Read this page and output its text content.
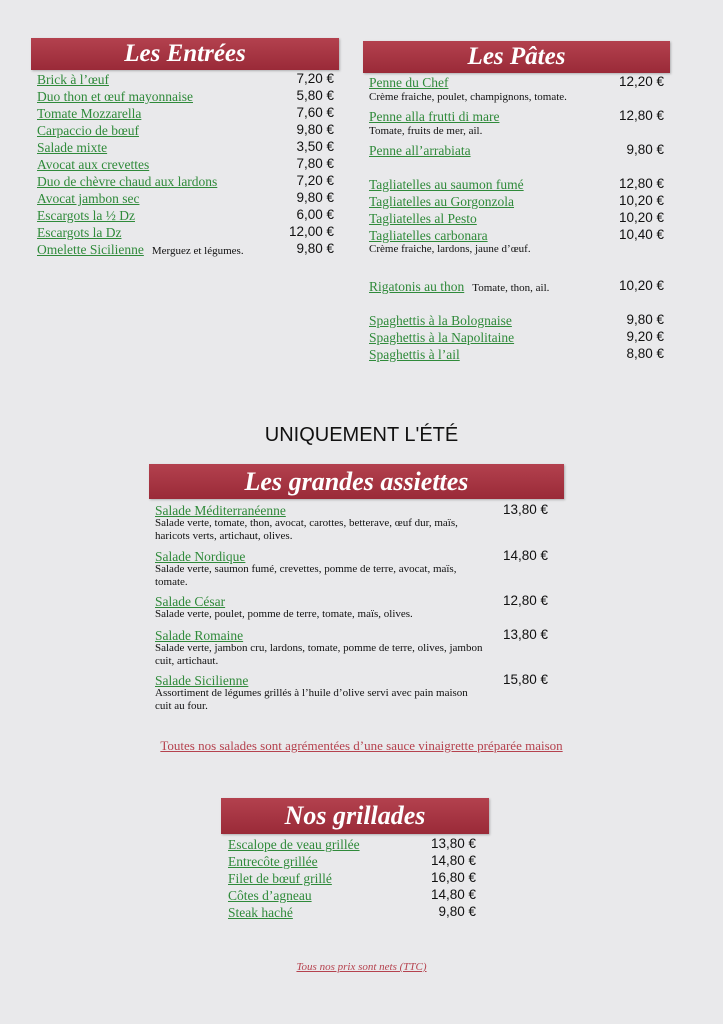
Les Entrées
Brick à l’œuf	7,20 €
Duo thon et œuf mayonnaise	5,80 €
Tomate Mozzarella	7,60 €
Carpaccio de bœuf	9,80 €
Salade mixte	3,50 €
Avocat aux crevettes	7,80 €
Duo de chèvre chaud aux lardons	7,20 €
Avocat jambon sec	9,80 €
Escargots la ½ Dz	6,00 €
Escargots la Dz	12,00 €
Omelette Sicilienne Merguez et légumes.	9,80 €
Les Pâtes
Penne du Chef	12,20 €
Crème fraiche, poulet, champignons, tomate.
Penne alla frutti di mare	12,80 €
Tomate, fruits de mer, ail.
Penne all’arrabiata	9,80 €
Tagliatelles au saumon fumé	12,80 €
Tagliatelles au Gorgonzola	10,20 €
Tagliatelles al Pesto	10,20 €
Tagliatelles carbonara	10,40 €
Crème fraiche, lardons, jaune d’œuf.
Rigatonis au thon Tomate, thon, ail.	10,20 €
Spaghettis à la Bolognaise	9,80 €
Spaghettis à la Napolitaine	9,20 €
Spaghettis à l’ail	8,80 €
UNIQUEMENT L'ÉTÉ
Les grandes assiettes
Salade Méditerranéenne	13,80 €
Salade verte, tomate, thon, avocat, carottes, betterave, œuf dur, maïs, haricots verts, artichaut, olives.
Salade Nordique	14,80 €
Salade verte, saumon fumé, crevettes, pomme de terre, avocat, maïs, tomate.
Salade César	12,80 €
Salade verte, poulet, pomme de terre, tomate, maïs, olives.
Salade Romaine	13,80 €
Salade verte, jambon cru, lardons, tomate, pomme de terre, olives, jambon cuit, artichaut.
Salade Sicilienne	15,80 €
Assortiment de légumes grillés à l’huile d’olive servi avec pain maison cuit au four.
Toutes nos salades sont agrémentées d’une sauce vinaigrette préparée maison
Nos grillades
Escalope de veau grillée	13,80 €
Entrecôte grillée	14,80 €
Filet de bœuf grillé	16,80 €
Côtes d’agneau	14,80 €
Steak haché	9,80 €
Tous nos prix sont nets (TTC)
